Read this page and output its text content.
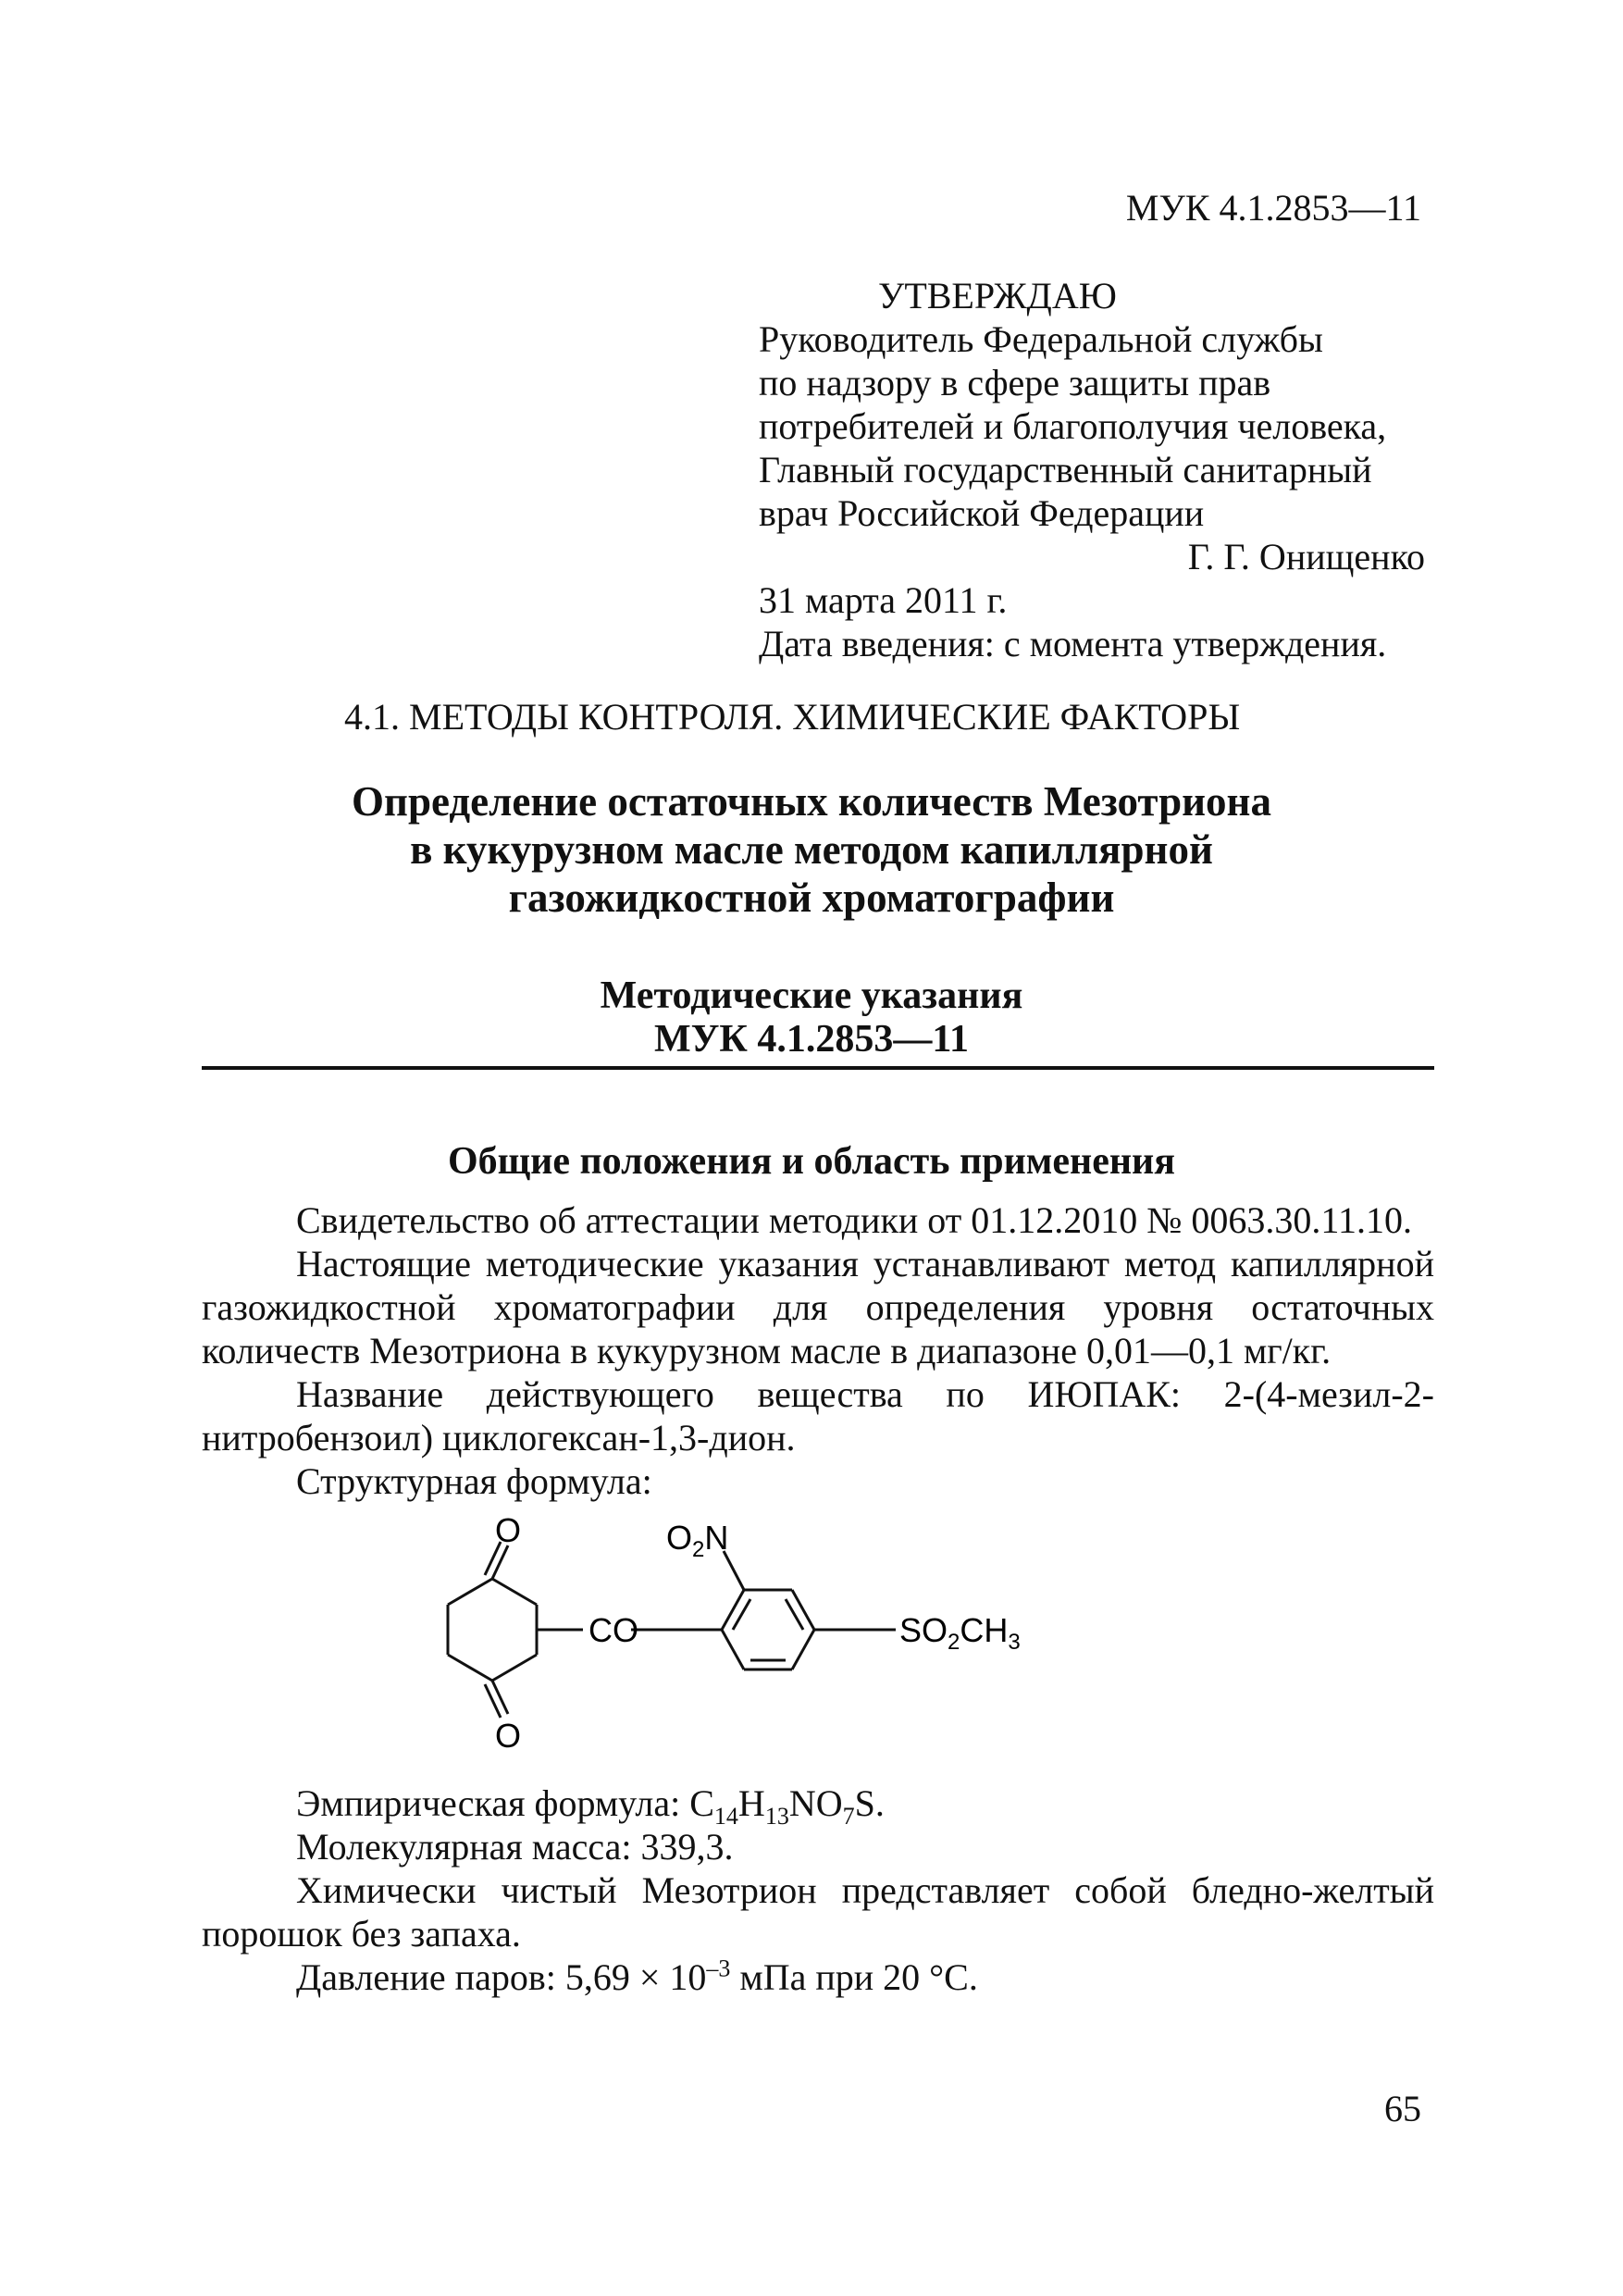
МУК 4.1.2853—11
УТВЕРЖДАЮ
Руководитель Федеральной службы
по надзору в сфере защиты прав
потребителей и благополучия человека,
Главный государственный санитарный
врач Российской Федерации
Г. Г. Онищенко
31 марта 2011 г.
Дата введения: с момента утверждения.
4.1. МЕТОДЫ КОНТРОЛЯ. ХИМИЧЕСКИЕ ФАКТОРЫ
Определение остаточных количеств Мезотриона
в кукурузном масле методом капиллярной
газожидкостной хроматографии
Методические указания
МУК 4.1.2853—11
Общие положения и область применения

Свидетельство об аттестации методики от 01.12.2010 № 0063.30.11.10.

Настоящие методические указания устанавливают метод капиллярной газожидкостной хроматографии для определения уровня остаточных количеств Мезотриона в кукурузном масле в диапазоне 0,01—0,1 мг/кг.

Название действующего вещества по ИЮПАК: 2-(4-мезил-2-нитробензоил) циклогексан-1,3-дион.

Структурная формула:

O
O
CO
$O_2N$
$SO_2CH_3$

Эмпирическая формула: $C_{14}H_{13}NO_7S$.

Молекулярная масса: 339,3.

Химически чистый Мезотрион представляет собой бледно-желтый порошок без запаха.

Давление паров: $5,69 \times 10^{-3}$ мПа при 20 °C.

65
